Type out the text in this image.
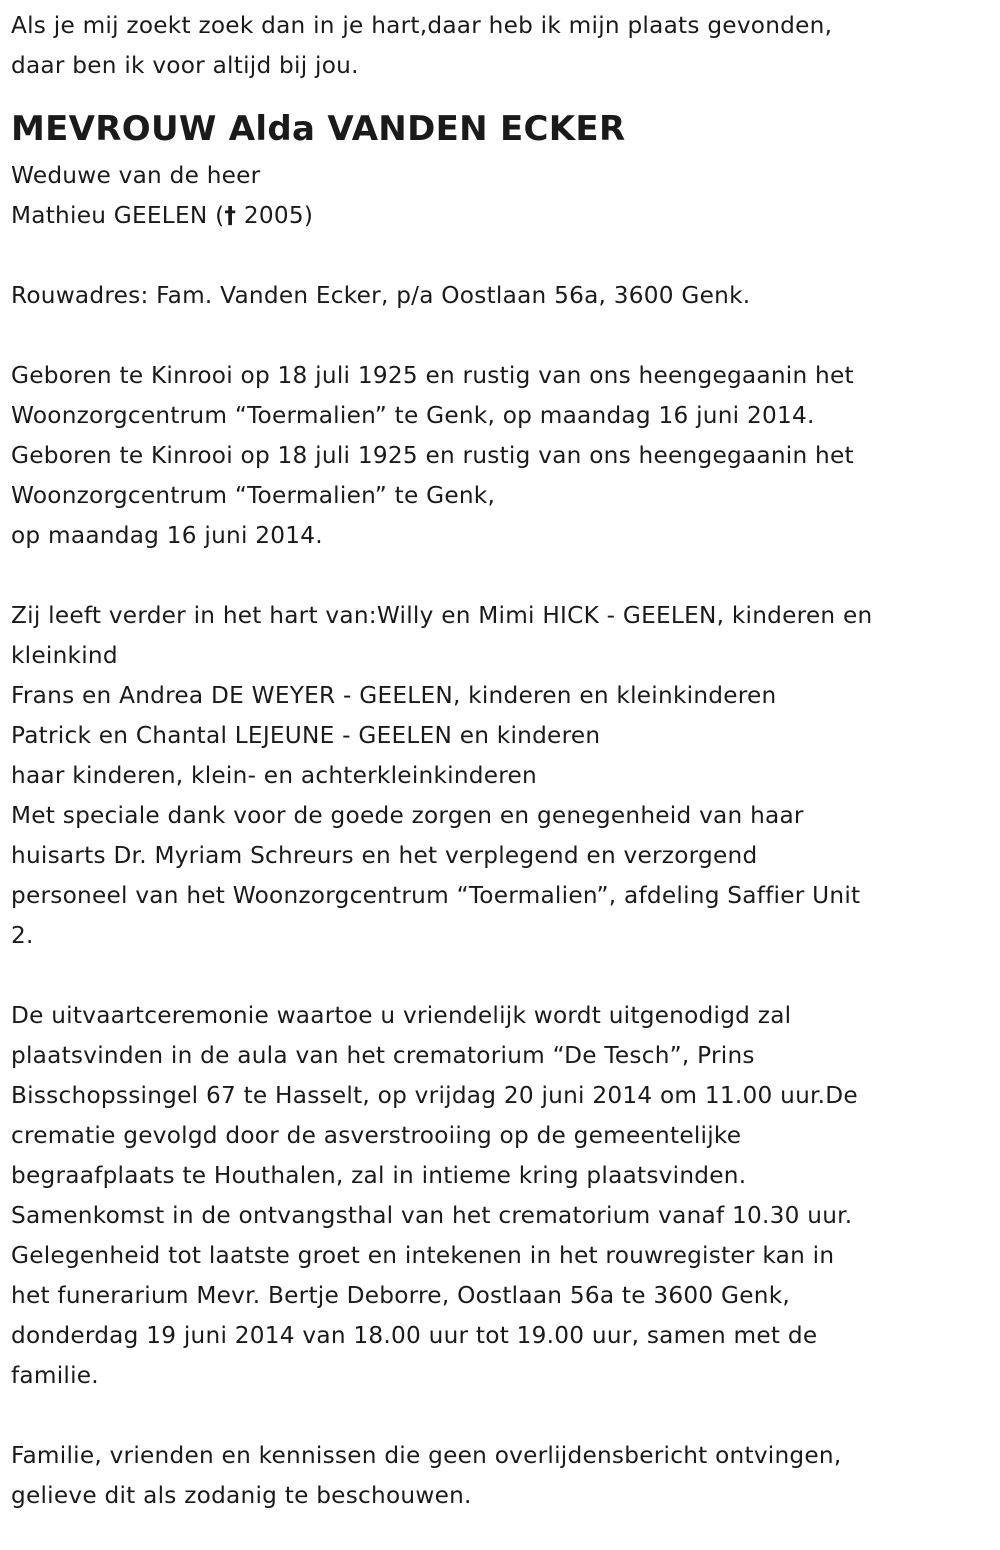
Als je mij zoekt zoek dan in je hart,daar heb ik mijn plaats gevonden,

daar ben ik voor altijd bij jou.

MEVROUW Alda VANDEN ECKER

Weduwe van de heer

Mathieu GEELEN († 2005)

Rouwadres: Fam. Vanden Ecker, p/a Oostlaan 56a, 3600 Genk.

Geboren te Kinrooi op 18 juli 1925 en rustig van ons heengegaanin het

Woonzorgcentrum “Toermalien” te Genk, op maandag 16 juni 2014.

Geboren te Kinrooi op 18 juli 1925 en rustig van ons heengegaanin het

Woonzorgcentrum “Toermalien” te Genk,

op maandag 16 juni 2014.

Zij leeft verder in het hart van:Willy en Mimi HICK - GEELEN, kinderen en

kleinkind

Frans en Andrea DE WEYER - GEELEN, kinderen en kleinkinderen

Patrick en Chantal LEJEUNE - GEELEN en kinderen

haar kinderen, klein- en achterkleinkinderen

Met speciale dank voor de goede zorgen en genegenheid van haar

huisarts Dr. Myriam Schreurs en het verplegend en verzorgend

personeel van het Woonzorgcentrum “Toermalien”, afdeling Saffier Unit

2.

De uitvaartceremonie waartoe u vriendelijk wordt uitgenodigd zal

plaatsvinden in de aula van het crematorium “De Tesch”, Prins

Bisschopssingel 67 te Hasselt, op vrijdag 20 juni 2014 om 11.00 uur.De

crematie gevolgd door de asverstrooiing op de gemeentelijke

begraafplaats te Houthalen, zal in intieme kring plaatsvinden.

Samenkomst in de ontvangsthal van het crematorium vanaf 10.30 uur.

Gelegenheid tot laatste groet en intekenen in het rouwregister kan in

het funerarium Mevr. Bertje Deborre, Oostlaan 56a te 3600 Genk,

donderdag 19 juni 2014 van 18.00 uur tot 19.00 uur, samen met de

familie.

Familie, vrienden en kennissen die geen overlijdensbericht ontvingen,

gelieve dit als zodanig te beschouwen.
